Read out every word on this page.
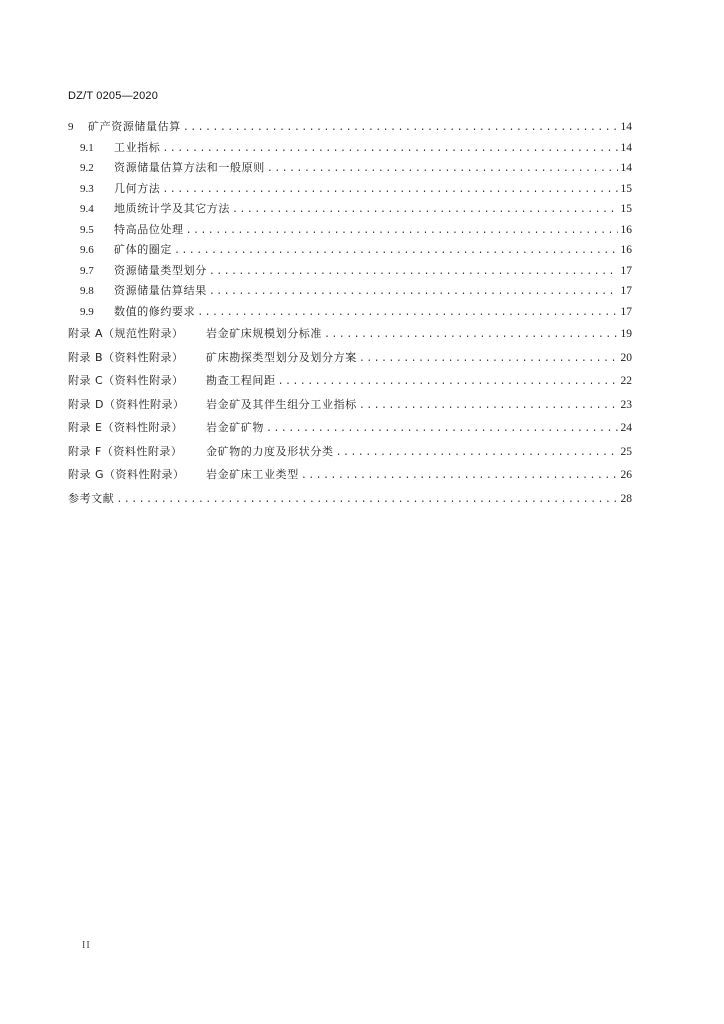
DZ/T 0205—2020
9	矿产资源储量估算 .....	14
9.1	工业指标 .....	14
9.2	资源储量估算方法和一般原则 .....	14
9.3	几何方法 .....	15
9.4	地质统计学及其它方法 .....	15
9.5	特高品位处理 .....	16
9.6	矿体的圈定 .....	16
9.7	资源储量类型划分 .....	17
9.8	资源储量估算结果 .....	17
9.9	数值的修约要求 .....	17
附录 A（规范性附录）	岩金矿床规模划分标准 .....	19
附录 B（资料性附录）	矿床勘探类型划分及划分方案 .....	20
附录 C（资料性附录）	勘查工程间距 .....	22
附录 D（资料性附录）	岩金矿及其伴生组分工业指标 .....	23
附录 E（资料性附录）	岩金矿矿物 .....	24
附录 F（资料性附录）	金矿物的力度及形状分类 .....	25
附录 G（资料性附录）	岩金矿床工业类型 .....	26
参考文献 .....	28
II
